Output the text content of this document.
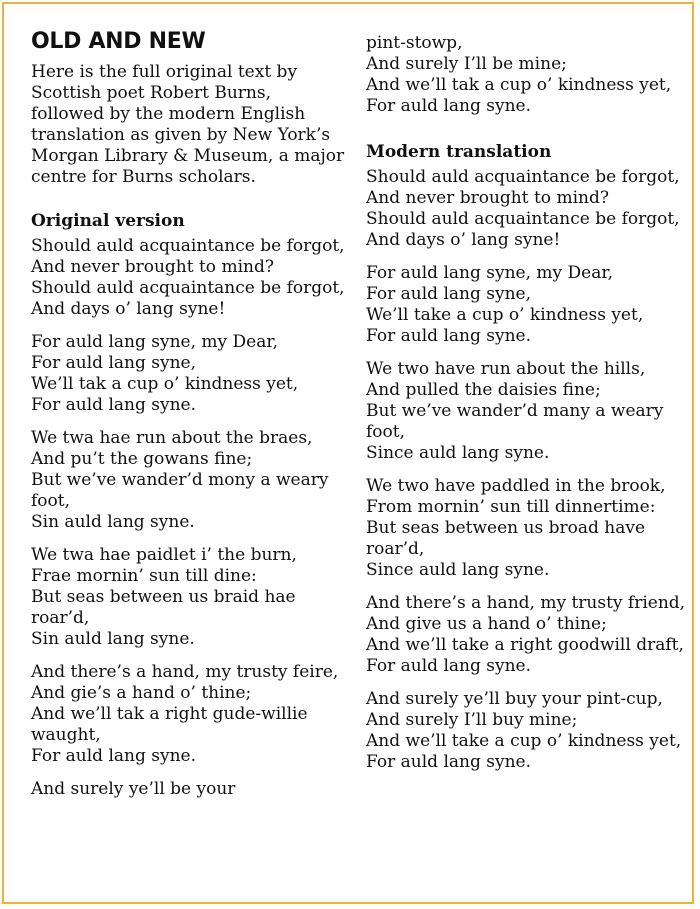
OLD AND NEW
Here is the full original text by Scottish poet Robert Burns, followed by the modern English translation as given by New York’s Morgan Library & Museum, a major centre for Burns scholars.
Original version
Should auld acquaintance be forgot,
And never brought to mind?
Should auld acquaintance be forgot,
And days o’ lang syne!
For auld lang syne, my Dear,
For auld lang syne,
We’ll tak a cup o’ kindness yet,
For auld lang syne.
We twa hae run about the braes,
And pu’t the gowans fine;
But we’ve wander’d mony a weary foot,
Sin auld lang syne.
We twa hae paidlet i’ the burn,
Frae mornin’ sun till dine:
But seas between us braid hae roar’d,
Sin auld lang syne.
And there’s a hand, my trusty feire,
And gie’s a hand o’ thine;
And we’ll tak a right gude-willie waught,
For auld lang syne.
And surely ye’ll be your
pint-stowp,
And surely I’ll be mine;
And we’ll tak a cup o’ kindness yet,
For auld lang syne.
Modern translation
Should auld acquaintance be forgot,
And never brought to mind?
Should auld acquaintance be forgot,
And days o’ lang syne!
For auld lang syne, my Dear,
For auld lang syne,
We’ll take a cup o’ kindness yet,
For auld lang syne.
We two have run about the hills,
And pulled the daisies fine;
But we’ve wander’d many a weary foot,
Since auld lang syne.
We two have paddled in the brook,
From mornin’ sun till dinnertime:
But seas between us broad have roar’d,
Since auld lang syne.
And there’s a hand, my trusty friend,
And give us a hand o’ thine;
And we’ll take a right goodwill draft,
For auld lang syne.
And surely ye’ll buy your pint-cup,
And surely I’ll buy mine;
And we’ll take a cup o’ kindness yet,
For auld lang syne.
